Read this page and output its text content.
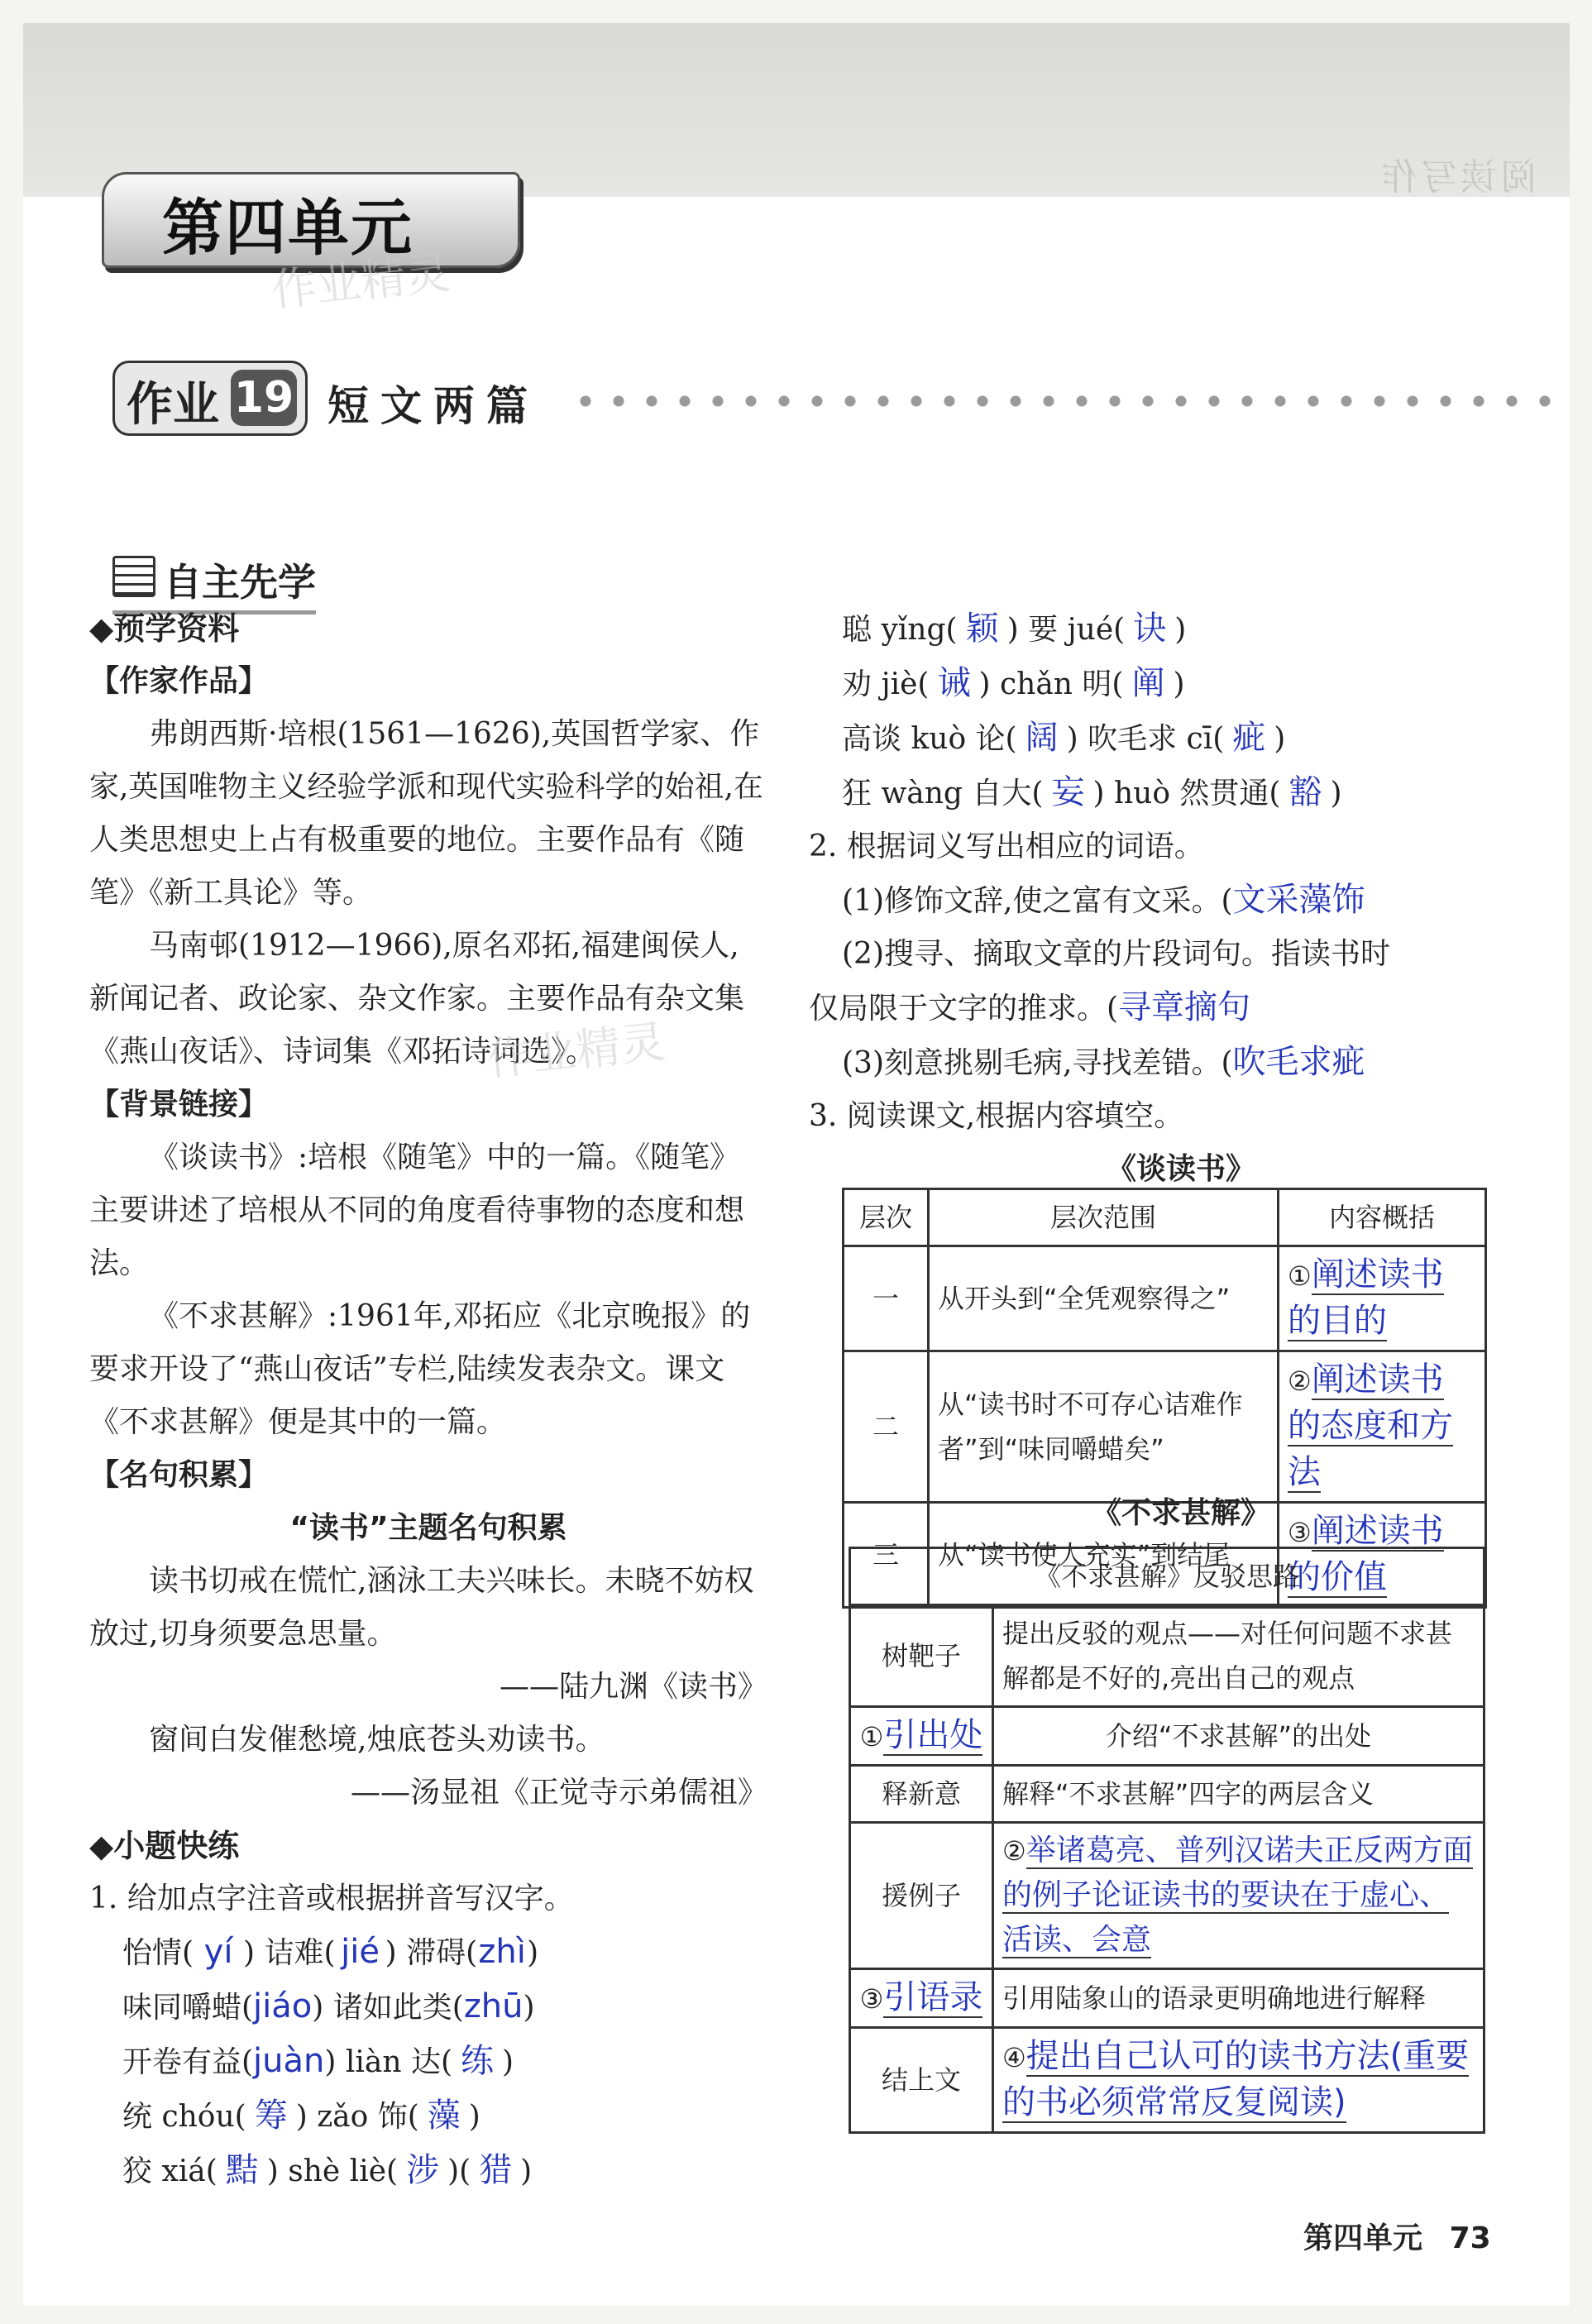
阅读写作
第四单元
作业精灵
作业 19 短文两篇
自主先学

◆预学资料

【作家作品】

弗朗西斯·培根(1561—1626),英国哲学家、作家,英国唯物主义经验学派和现代实验科学的始祖,在人类思想史上占有极重要的地位。主要作品有《随笔》《新工具论》等。

马南邨(1912—1966),原名邓拓,福建闽侯人,新闻记者、政论家、杂文作家。主要作品有杂文集《燕山夜话》、诗词集《邓拓诗词选》。

【背景链接】

《谈读书》:培根《随笔》中的一篇。《随笔》主要讲述了培根从不同的角度看待事物的态度和想法。

《不求甚解》:1961年,邓拓应《北京晚报》的要求开设了“燕山夜话”专栏,陆续发表杂文。课文《不求甚解》便是其中的一篇。

【名句积累】

“读书”主题名句积累

读书切戒在慌忙,涵泳工夫兴味长。未晓不妨权放过,切身须要急思量。

——陆九渊《读书》

窗间白发催愁境,烛底苍头劝读书。

——汤显祖《正觉寺示弟儒祖》

◆小题快练

1. 给加点字注音或根据拼音写汉字。

怡情( yí ) 诘难( jié ) 滞碍(zhì)

味同嚼蜡(jiáo) 诸如此类(zhū)

开卷有益(juàn) liàn 达( 练 )

统 chóu( 筹 ) zǎo 饰( 藻 )

狡 xiá( 黠 ) shè liè( 涉 )( 猎 )

作业精灵

聪 yǐng( 颖 ) 要 jué( 诀 )

劝 jiè( 诫 ) chǎn 明( 阐 )

高谈 kuò 论( 阔 ) 吹毛求 cī( 疵 )

狂 wàng 自大( 妄 ) huò 然贯通( 豁 )

2. 根据词义写出相应的词语。

(1)修饰文辞,使之富有文采。(文采藻饰

(2)搜寻、摘取文章的片段词句。指读书时

仅局限于文字的推求。(寻章摘句

(3)刻意挑剔毛病,寻找差错。(吹毛求疵

3. 阅读课文,根据内容填空。

《谈读书》

层次	层次范围	内容概括
一	从开头到“全凭观察得之”	①阐述读书的目的
二	从“读书时不可存心诘难作者”到“味同嚼蜡矣”	②阐述读书的态度和方法
三	从“读书使人充实”到结尾	③阐述读书的价值
《不求甚解》
《不求甚解》反驳思路	
树靶子	提出反驳的观点——对任何问题不求甚解都是不好的,亮出自己的观点
①引出处	介绍“不求甚解”的出处
释新意	解释“不求甚解”四字的两层含义
援例子	②举诸葛亮、普列汉诺夫正反两方面的例子论证读书的要诀在于虚心、活读、会意
③引语录	引用陆象山的语录更明确地进行解释
结上文	④提出自己认可的读书方法(重要的书必须常常反复阅读)
第四单元 73
